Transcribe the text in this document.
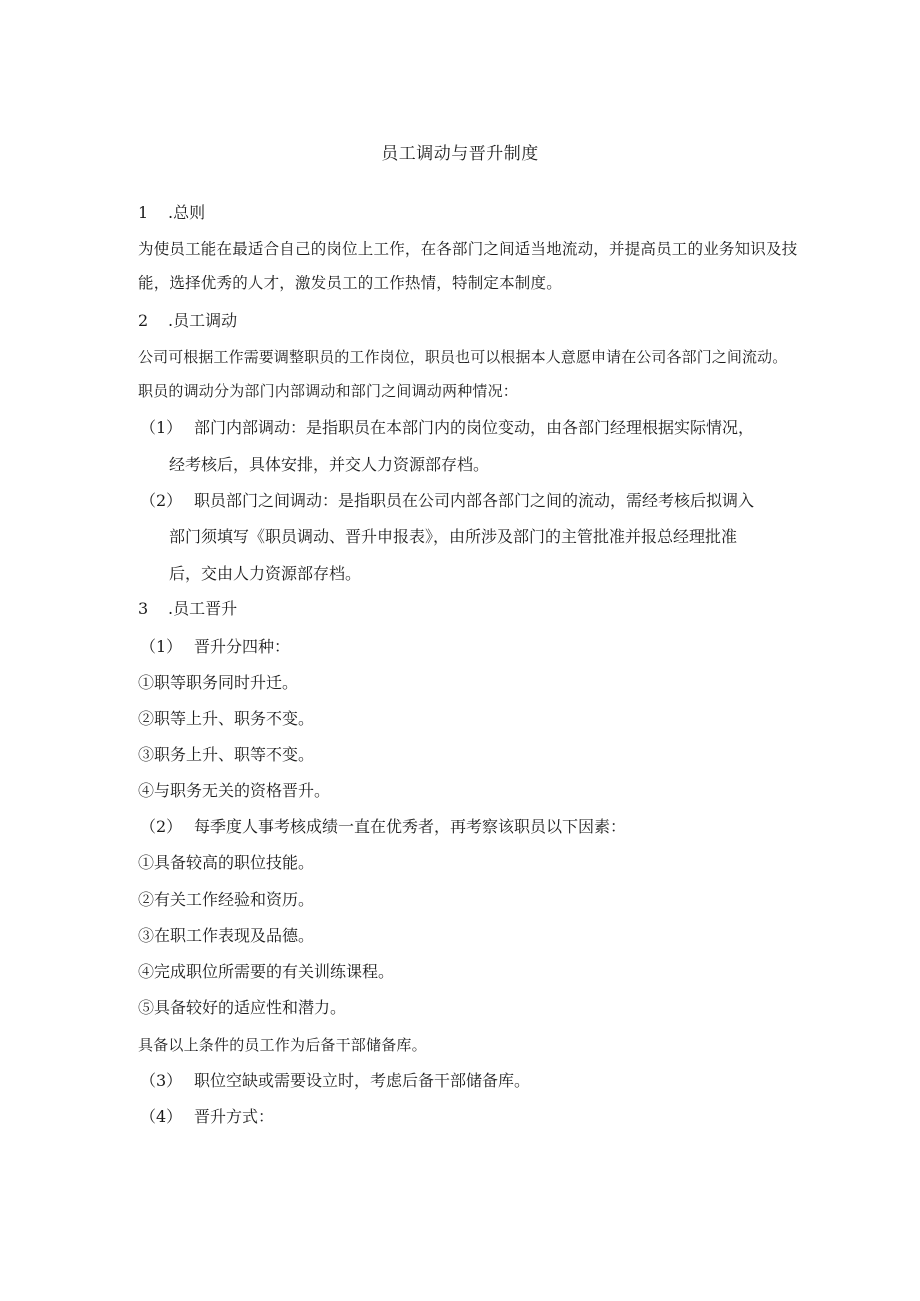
员工调动与晋升制度
1 .总则
为使员工能在最适合自己的岗位上工作，在各部门之间适当地流动，并提高员工的业务知识及技
能，选择优秀的人才，激发员工的工作热情，特制定本制度。
2 .员工调动
公司可根据工作需要调整职员的工作岗位，职员也可以根据本人意愿申请在公司各部门之间流动。
职员的调动分为部门内部调动和部门之间调动两种情况：
（1） 部门内部调动：是指职员在本部门内的岗位变动，由各部门经理根据实际情况，
经考核后，具体安排，并交人力资源部存档。
（2） 职员部门之间调动：是指职员在公司内部各部门之间的流动，需经考核后拟调入
部门须填写《职员调动、晋升申报表》，由所涉及部门的主管批准并报总经理批准
后，交由人力资源部存档。
3 .员工晋升
（1） 晋升分四种：
①职等职务同时升迁。
②职等上升、职务不变。
③职务上升、职等不变。
④与职务无关的资格晋升。
（2） 每季度人事考核成绩一直在优秀者，再考察该职员以下因素：
①具备较高的职位技能。
②有关工作经验和资历。
③在职工作表现及品德。
④完成职位所需要的有关训练课程。
⑤具备较好的适应性和潜力。
具备以上条件的员工作为后备干部储备库。
（3） 职位空缺或需要设立时，考虑后备干部储备库。
（4） 晋升方式：
